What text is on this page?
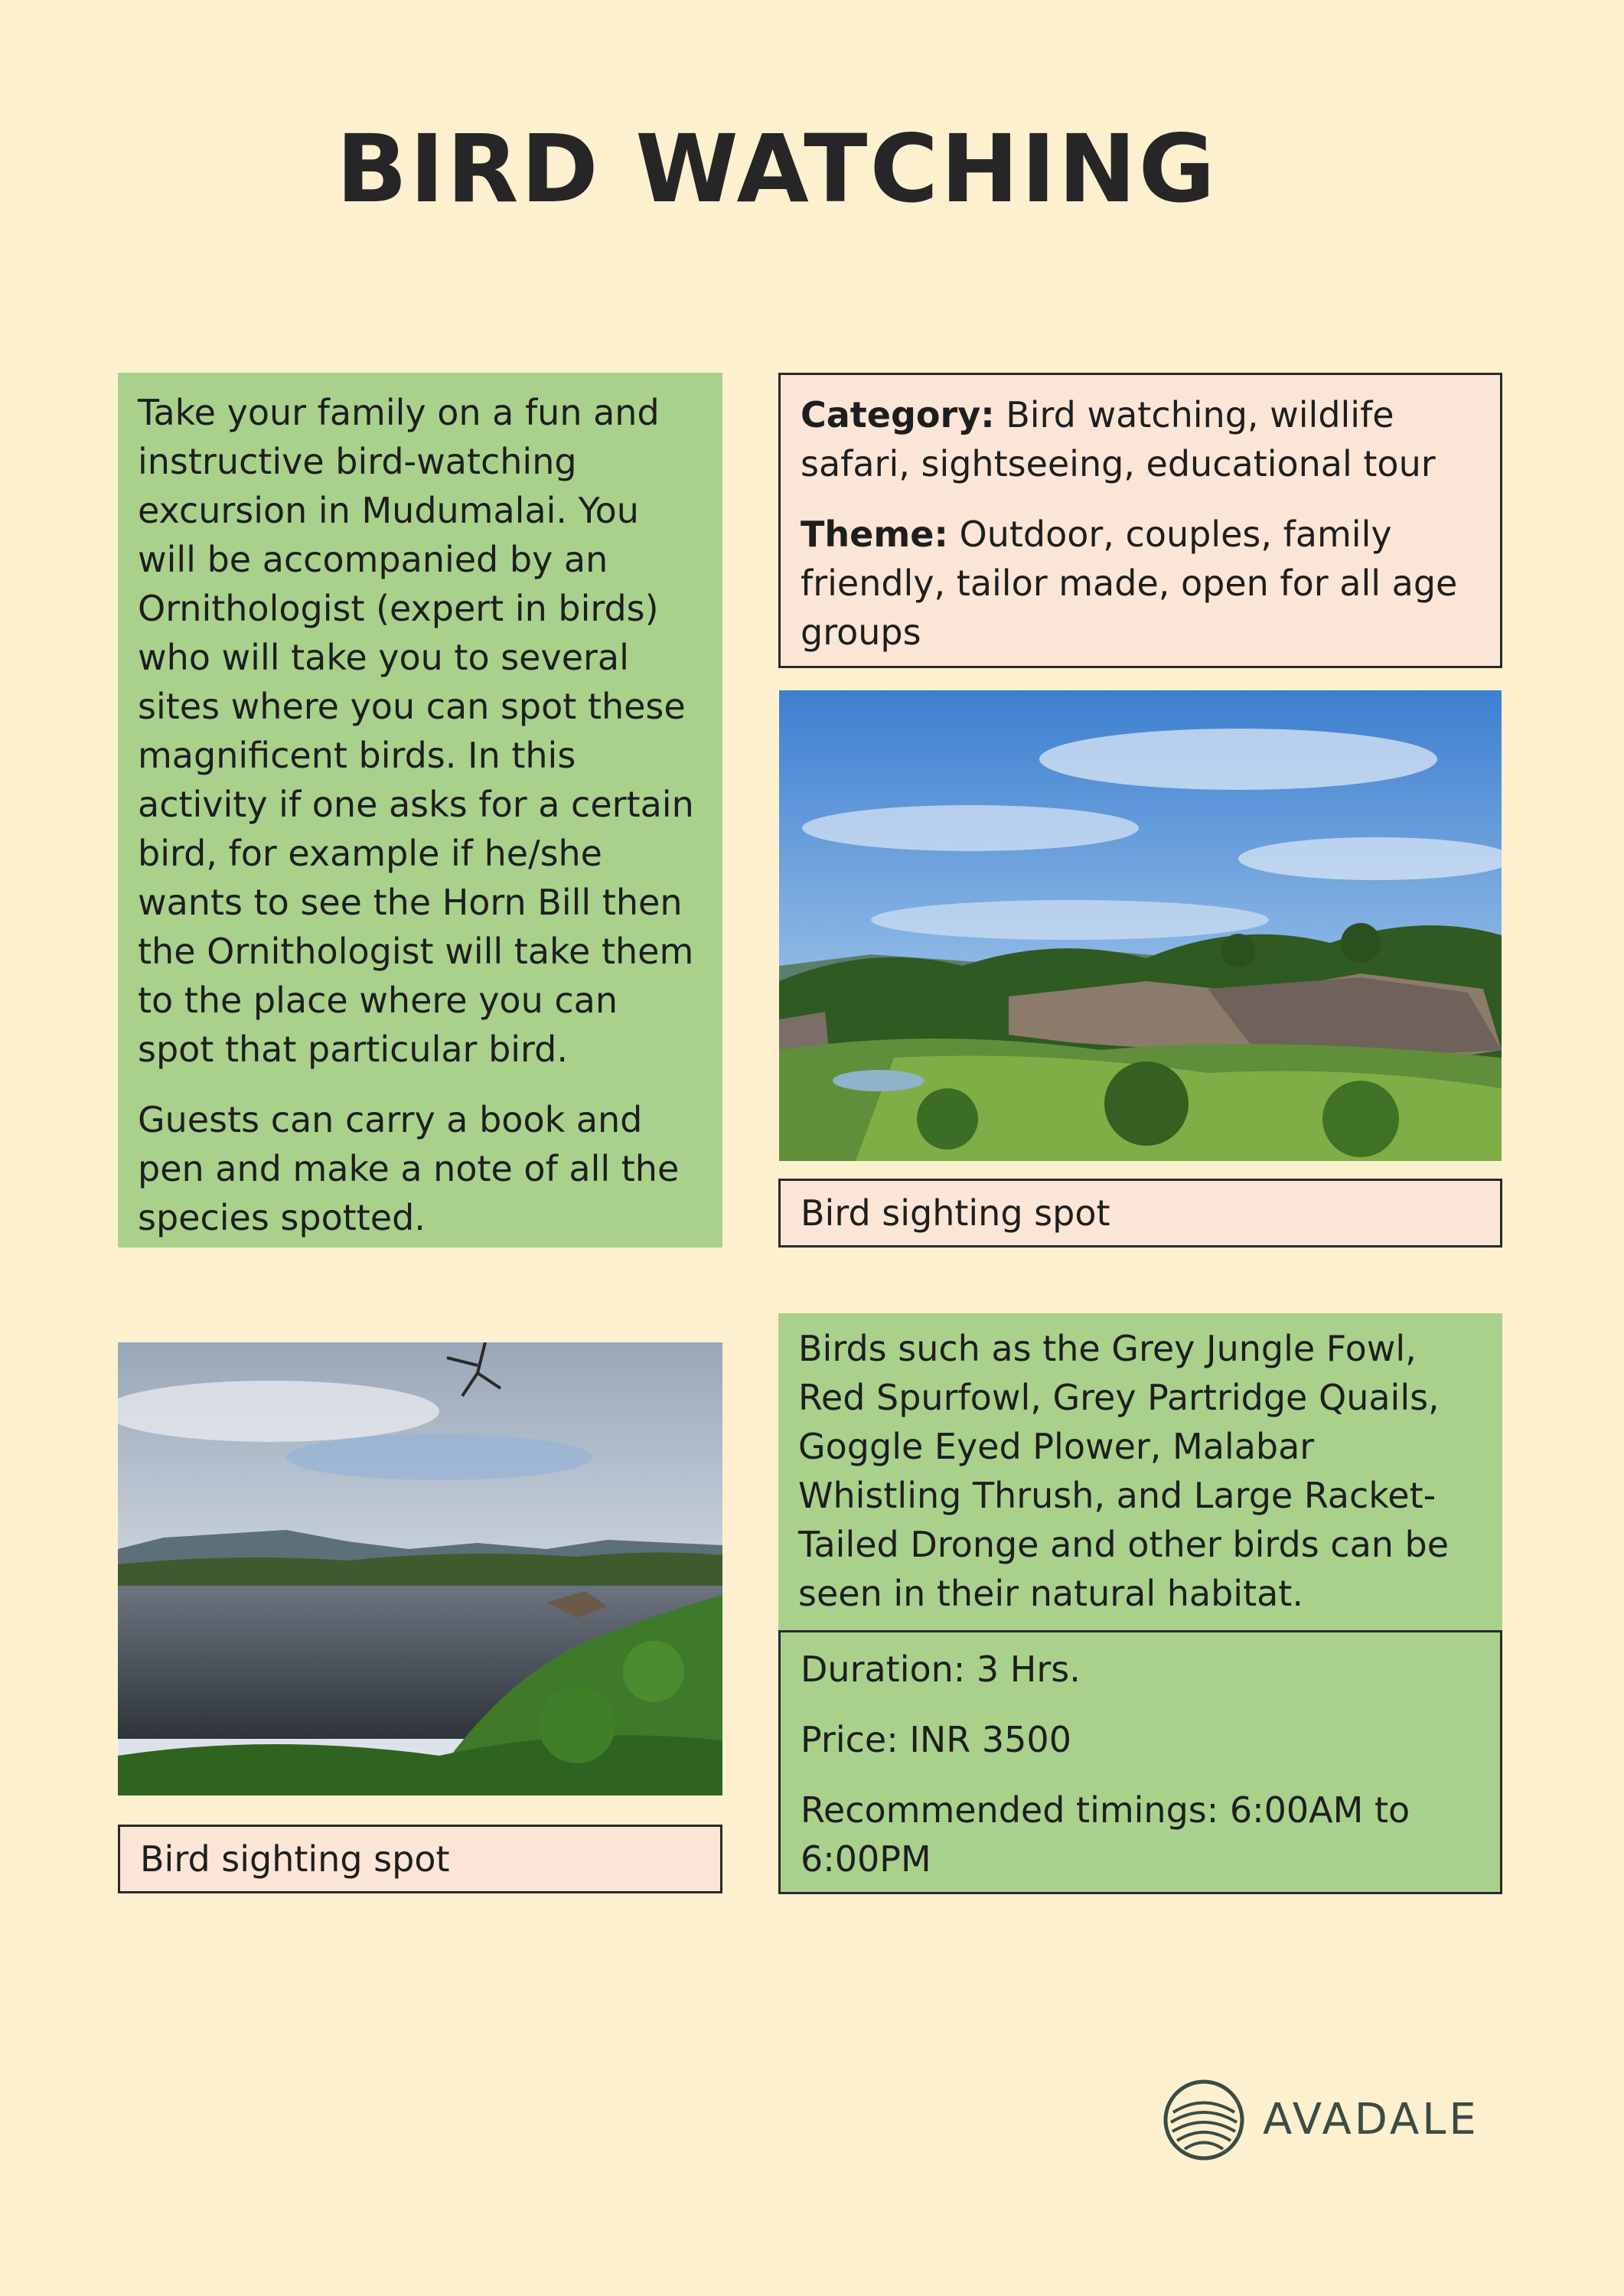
BIRD WATCHING

Take your family on a fun and instructive bird-watching excursion in Mudumalai. You will be accompanied by an Ornithologist (expert in birds) who will take you to several sites where you can spot these magnificent birds. In this activity if one asks for a certain bird, for example if he/she wants to see the Horn Bill then the Ornithologist will take them to the place where you can spot that particular bird.

Guests can carry a book and pen and make a note of all the species spotted.

Category: Bird watching, wildlife safari, sightseeing, educational tour

Theme: Outdoor, couples, family friendly, tailor made, open for all age groups

Bird sighting spot
Bird sighting spot

Birds such as the Grey Jungle Fowl, Red Spurfowl, Grey Partridge Quails, Goggle Eyed Plower, Malabar Whistling Thrush, and Large Racket-Tailed Dronge and other birds can be seen in their natural habitat.

Duration: 3 Hrs.

Price: INR 3500

Recommended timings: 6:00AM to 6:00PM

AVADALE
